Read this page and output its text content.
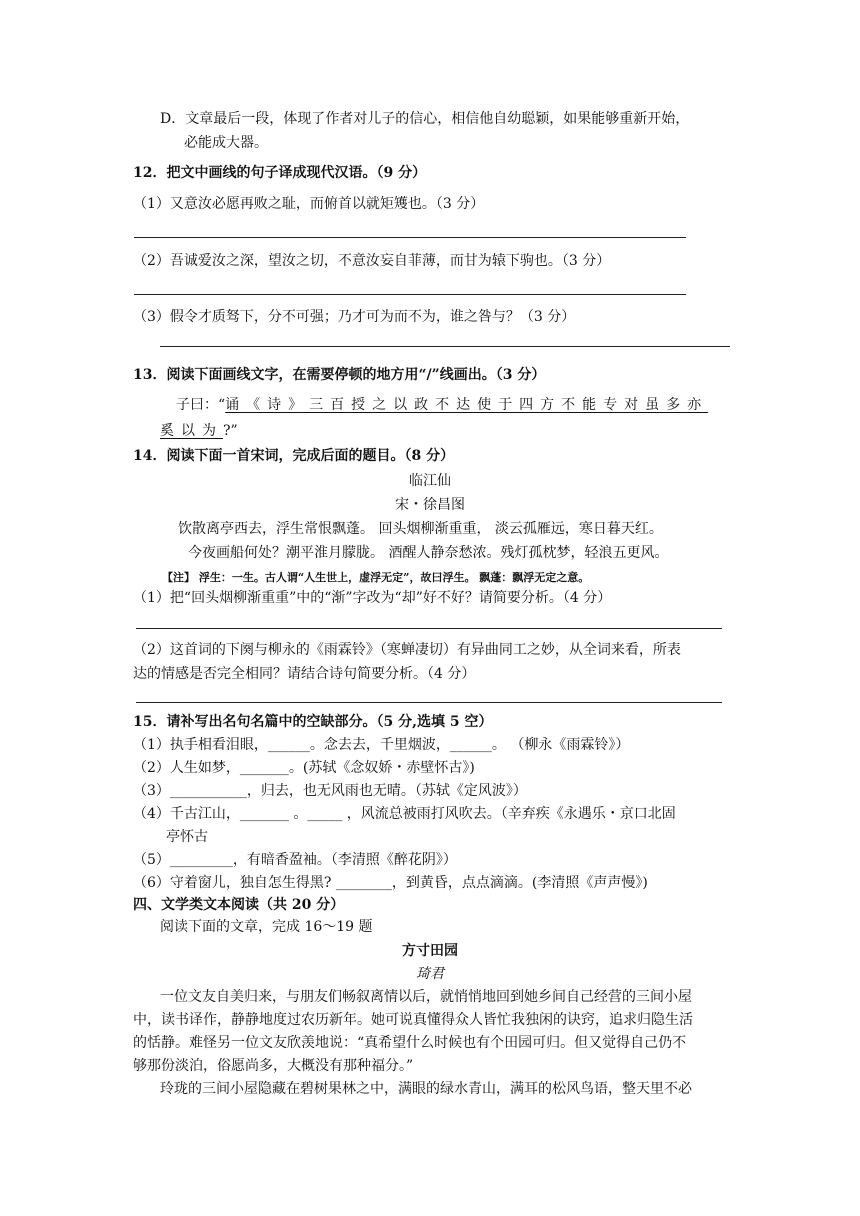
D．文章最后一段，体现了作者对儿子的信心，相信他自幼聪颖，如果能够重新开始，
必能成大器。
12．把文中画线的句子译成现代汉语。（9 分）
（1）又意汝必愿再败之耻，而俯首以就矩矱也。（3 分）
（2）吾诚爱汝之深，望汝之切，不意汝妄自菲薄，而甘为辕下驹也。（3 分）
（3）假令才质驽下，分不可强；乃才可为而不为，谁之咎与？（3 分）
13．阅读下面画线文字，在需要停顿的地方用“/”线画出。（3 分）
子曰：“诵《诗》三百授之以政不达使于四方不能专对虽多亦
奚以为?”
14．阅读下面一首宋词，完成后面的题目。（8 分）
临江仙
宋・徐昌图
饮散离亭西去，浮生常恨飘蓬。 回头烟柳渐重重， 淡云孤雁远，寒日暮天红。
今夜画船何处？潮平淮月朦胧。 酒醒人静奈愁浓。残灯孤枕梦，轻浪五更风。
【注】 浮生：一生。古人谓“人生世上，虚浮无定”，故曰浮生。 飘蓬：飘浮无定之意。
（1）把“回头烟柳渐重重”中的“渐”字改为“却”好不好？请简要分析。（4 分）
（2）这首词的下阕与柳永的《雨霖铃》（寒蝉凄切）有异曲同工之妙，从全词来看，所表
达的情感是否完全相同？请结合诗句简要分析。（4 分）
15．请补写出名句名篇中的空缺部分。（5 分,选填 5 空）
（1）执手相看泪眼，______。念去去，千里烟波，______。 （柳永《雨霖铃》）
（2）人生如梦，_______。(苏轼《念奴娇・赤壁怀古》)
（3）___________，归去，也无风雨也无晴。（苏轼《定风波》）
（4）千古江山，_______ 。_____ ，风流总被雨打风吹去。（辛弃疾《永遇乐・京口北固
亭怀古
（5）_________，有暗香盈袖。（李清照《醉花阴》）
（6）守着窗儿，独自怎生得黑? ________，到黄昏，点点滴滴。(李清照《声声慢》)
四、文学类文本阅读（共 20 分）
阅读下面的文章，完成 16～19 题
方寸田园
琦君
一位文友自美归来，与朋友们畅叙离情以后，就悄悄地回到她乡间自己经营的三间小屋
中，读书译作，静静地度过农历新年。她可说真懂得众人皆忙我独闲的诀窍，追求归隐生活
的恬静。难怪另一位文友欣羡地说：“真希望什么时候也有个田园可归。但又觉得自己仍不
够那份淡泊，俗愿尚多，大概没有那种福分。”
玲珑的三间小屋隐藏在碧树果林之中，满眼的绿水青山，满耳的松风鸟语，整天里不必
